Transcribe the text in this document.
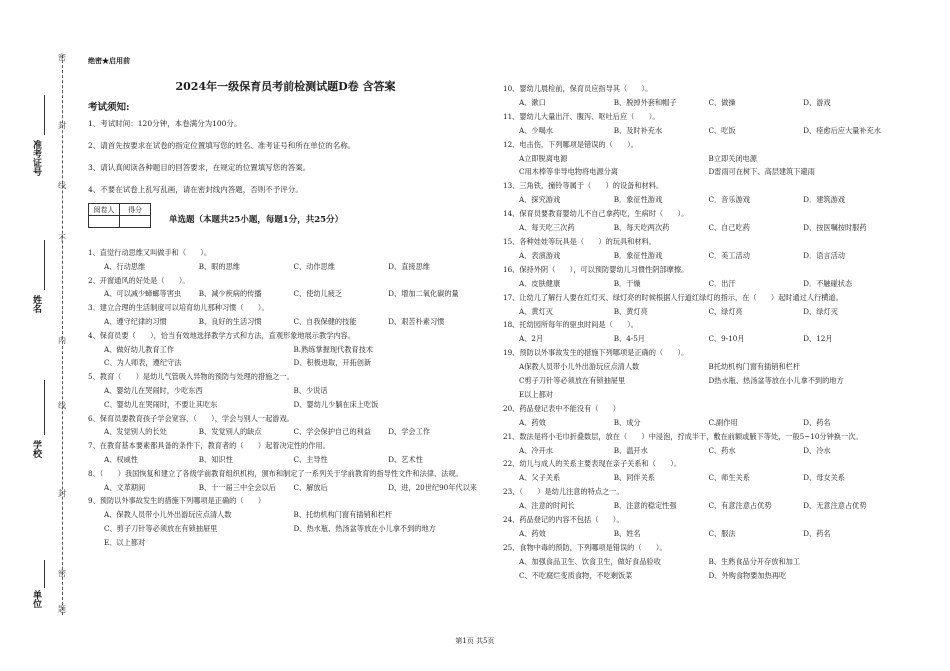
准考证号
姓名
学校
单位
密
封
线
不
内
线
封
密
题
绝密★启用前
2024年一级保育员考前检测试题D卷 含答案
考试须知:
1、考试时间：120分钟，本卷满分为100分。
2、请首先按要求在试卷的指定位置填写您的姓名、准考证号和所在单位的名称。
3、请认真阅读各种题目的回答要求，在规定的位置填写您的答案。
4、不要在试卷上乱写乱画，请在密封线内答题，否则不予评分。
阅卷人	得分

单选题（本题共25小题，每题1分，共25分）
1、直觉行动思维又叫做手和（　　）。
A、行动思维	B、眼的思维	C、动作思维	D、直接思维
2、开窗通风的好处是（　　）。
A、可以减少蟑螂等害虫	B、减少疾病的传播	C、使幼儿疲乏	D、增加二氧化碳的量
3、建立合理的生活制度可以培育幼儿那种习惯（　　）。
A、遵守纪律的习惯	B、良好的生活习惯	C、自我保健的技能	D、艰苦朴素习惯
4、保育员要（　　），恰当有效地选择教学方式和方法，直观形象地展示教学内容。
A、做好幼儿教育工作	B.熟练掌握现代教育技术
C、为人师表，遵纪守法	D、积极进取，开拓创新
5、教育（　　）是幼儿气管吸入异物的预防与处理的措施之一。
A、婴幼儿在哭闹时，少吃东西	B、少说话
C、婴幼儿在哭闹时，不要让其吃东	D、婴幼儿少躺在床上吃饭
6、保育员要教育孩子学会宽容，（　　），学会与别人一起游戏。
A、发觉别人的长处	B、发觉别人的缺点	C、学会保护自己的利益	D、学会工作
7、在教育基本要素都具备的条件下，教育者的（　　）起着决定性的作用。
A、权威性	B、知识性	C、主导性	D、艺术性
8、（　　）我国恢复和建立了各级学前教育组织机构，颁布和制定了一系列关于学前教育的指导性文件和法律、法规。
A、文革期间	B、十一届三中全会以后	C、解放后	D、进，20世纪90年代以来
9、预防以外事故发生的措施下列哪项是正确的（　　）
A、保教人员带小儿外出游玩应点清人数	B、托幼机构门窗有插销和栏杆
C、剪子刀针等必须放在有锁抽屉里	D、热水瓶、热汤盆等放在小儿拿不到的地方
E、以上都对
10、婴幼儿晨检前，保育员应指导其（　　）。
A、漱口	B、脱掉外套和帽子	C、做操	D、游戏
11、婴幼儿大量出汗、腹泻、呕吐后应（　　）。
A、少喝水	B、及时补充水	C、吃饭	D、痊愈后应大量补充水
12、电击伤，下列哪项是错误的（　　）。
A立即脱离电源	B立即关闭电源
C用木棒等非导电物将电源分离	D雷雨可在树下、高层建筑下避雨
13、三角铁，撞铃等属于（　　）的设备和材料。
A．探究游戏	B．象征性游戏	C．音乐游戏	D．建筑游戏
14、保育员要教育婴幼儿不自己拿药吃，生病时（　　）。
A、每天吃三次药	B、每天吃两次药	C、自己吃药	D、按医嘱按时服药
15、各种娃娃等玩具是（　　）的玩具和材料。
A．表演游戏	B．象征性游戏	C．美工活动	D．语言活动
16、保持外阴（　　），可以预防婴幼儿习惯性阴部摩擦。
A．皮肤健康	B．干燥	C．出汗	D．不触碰状态
17、让幼儿了解行人要在红灯灭、绿灯亮的时候根据人行道红绿灯的指示，在（　　）起时通过人行横道。
A、黄灯灭	B、黄灯亮	C、绿灯亮	D、绿灯灭
18、托幼园所每年的驱虫时间是（　　）。
A、2月	B、4-5月	C、9-10月	D、12月
19、预防以外事故发生的措施下列哪项是正确的（　　）。
A保教人员带小儿外出游玩应点清人数	B托幼机构门窗有插销和栏杆
C剪子刀针等必须放在有锁抽屉里	D热水瓶、热汤盆等放在小儿拿不到的地方
E以上都对
20、药品登记表中不能没有（　　）
A、药效	B、成分	C.副作用	D、药名
21、数法是将小毛巾折叠数层，放在（　　）中浸泡，拧成半干，敷在前额或腋下等处，一般5~10分钟换一次。
A、冷开水	B、温开水	C、药水	D、冷水
22、幼儿与成人的关系主要表现在亲子关系和（　　）。
A、父子关系	B、同伴关系	C、师生关系	D、母女关系
23、（　　）是幼儿注意的特点之一。
A、注意的时间长	B、注意的稳定性强	C、有意注意占优势	D、无意注意占优势
24、药品登记的内容不包括（　　）。
A、药效	B、姓名	C、服法	D、药名
25、食物中毒的预防，下列哪项是错误的（　　）。
A、加强食品卫生、饮食卫生，做好食品验收	B、生熟食品分开存放和加工
C、不吃腐烂变质食物，不吃剩饭菜	D、外购食物要加热再吃
第1页 共5页
